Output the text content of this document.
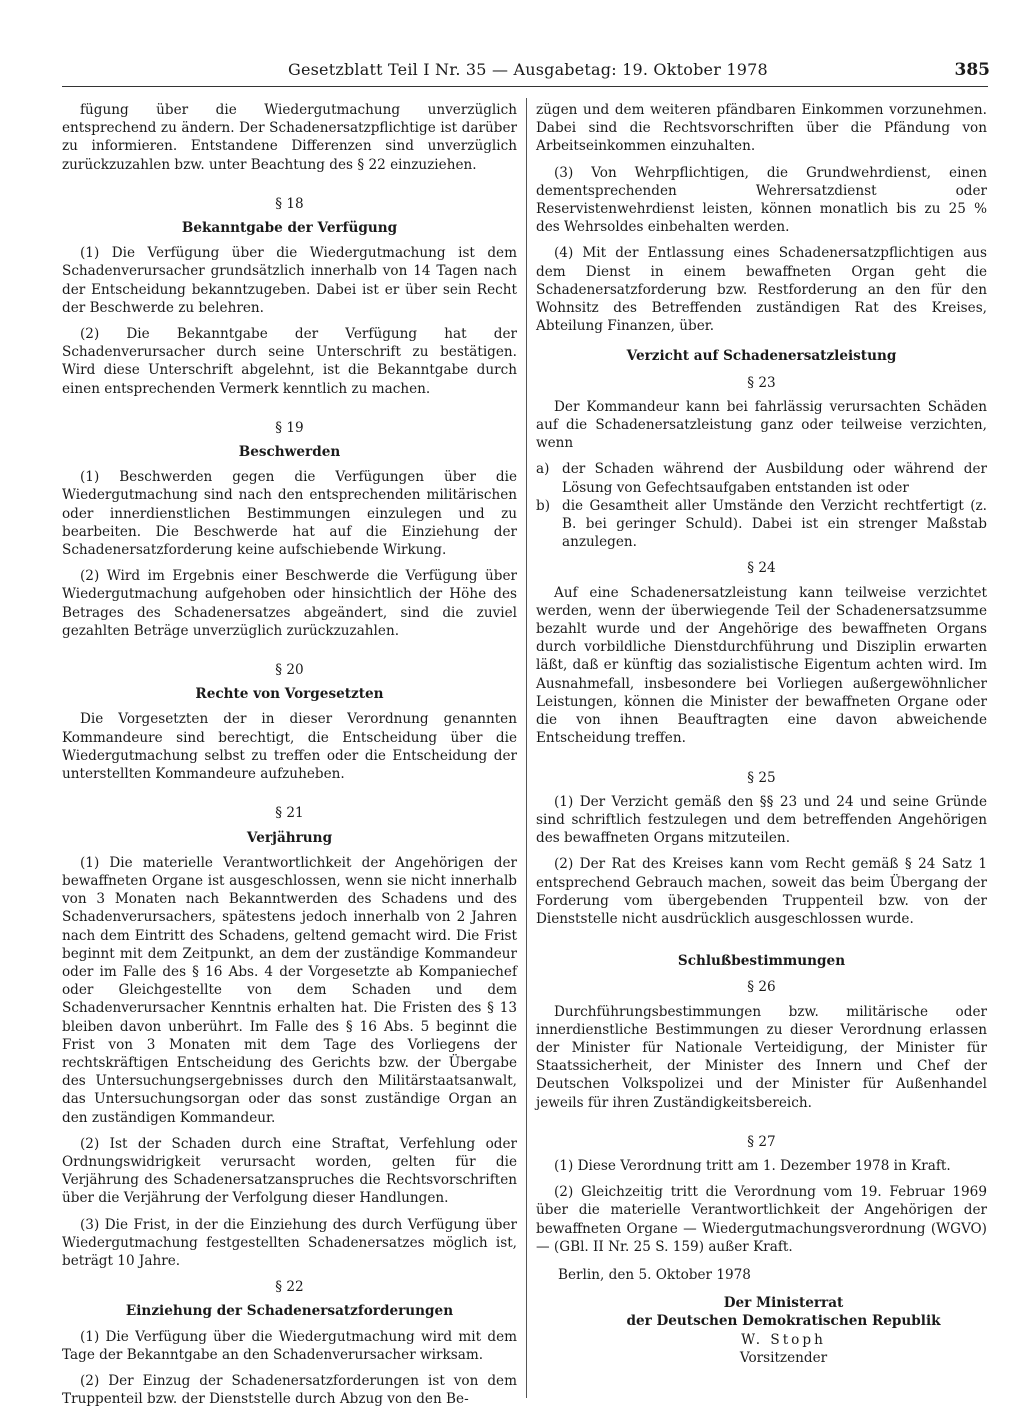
Gesetzblatt Teil I Nr. 35 — Ausgabetag: 19. Oktober 1978	385

fügung über die Wiedergutmachung unverzüglich entsprechend zu ändern. Der Schadenersatzpflichtige ist darüber zu informieren. Entstandene Differenzen sind unverzüglich zurückzuzahlen bzw. unter Beachtung des § 22 einzuziehen.

§ 18
Bekanntgabe der Verfügung

(1) Die Verfügung über die Wiedergutmachung ist dem Schadenverursacher grundsätzlich innerhalb von 14 Tagen nach der Entscheidung bekanntzugeben. Dabei ist er über sein Recht der Beschwerde zu belehren.

(2) Die Bekanntgabe der Verfügung hat der Schadenverursacher durch seine Unterschrift zu bestätigen. Wird diese Unterschrift abgelehnt, ist die Bekanntgabe durch einen entsprechenden Vermerk kenntlich zu machen.

§ 19
Beschwerden

(1) Beschwerden gegen die Verfügungen über die Wiedergutmachung sind nach den entsprechenden militärischen oder innerdienstlichen Bestimmungen einzulegen und zu bearbeiten. Die Beschwerde hat auf die Einziehung der Schadenersatzforderung keine aufschiebende Wirkung.

(2) Wird im Ergebnis einer Beschwerde die Verfügung über Wiedergutmachung aufgehoben oder hinsichtlich der Höhe des Betrages des Schadenersatzes abgeändert, sind die zuviel gezahlten Beträge unverzüglich zurückzuzahlen.

§ 20
Rechte von Vorgesetzten

Die Vorgesetzten der in dieser Verordnung genannten Kommandeure sind berechtigt, die Entscheidung über die Wiedergutmachung selbst zu treffen oder die Entscheidung der unterstellten Kommandeure aufzuheben.

§ 21
Verjährung

(1) Die materielle Verantwortlichkeit der Angehörigen der bewaffneten Organe ist ausgeschlossen, wenn sie nicht innerhalb von 3 Monaten nach Bekanntwerden des Schadens und des Schadenverursachers, spätestens jedoch innerhalb von 2 Jahren nach dem Eintritt des Schadens, geltend gemacht wird. Die Frist beginnt mit dem Zeitpunkt, an dem der zuständige Kommandeur oder im Falle des § 16 Abs. 4 der Vorgesetzte ab Kompaniechef oder Gleichgestellte von dem Schaden und dem Schadenverursacher Kenntnis erhalten hat. Die Fristen des § 13 bleiben davon unberührt. Im Falle des § 16 Abs. 5 beginnt die Frist von 3 Monaten mit dem Tage des Vorliegens der rechtskräftigen Entscheidung des Gerichts bzw. der Übergabe des Untersuchungsergebnisses durch den Militärstaatsanwalt, das Untersuchungsorgan oder das sonst zuständige Organ an den zuständigen Kommandeur.

(2) Ist der Schaden durch eine Straftat, Verfehlung oder Ordnungswidrigkeit verursacht worden, gelten für die Verjährung des Schadenersatzanspruches die Rechtsvorschriften über die Verjährung der Verfolgung dieser Handlungen.

(3) Die Frist, in der die Einziehung des durch Verfügung über Wiedergutmachung festgestellten Schadenersatzes möglich ist, beträgt 10 Jahre.

§ 22
Einziehung der Schadenersatzforderungen

(1) Die Verfügung über die Wiedergutmachung wird mit dem Tage der Bekanntgabe an den Schadenverursacher wirksam.

(2) Der Einzug der Schadenersatzforderungen ist von dem Truppenteil bzw. der Dienststelle durch Abzug von den Be-

zügen und dem weiteren pfändbaren Einkommen vorzunehmen. Dabei sind die Rechtsvorschriften über die Pfändung von Arbeitseinkommen einzuhalten.

(3) Von Wehrpflichtigen, die Grundwehrdienst, einen dementsprechenden Wehrersatzdienst oder Reservistenwehrdienst leisten, können monatlich bis zu 25 % des Wehrsoldes einbehalten werden.

(4) Mit der Entlassung eines Schadenersatzpflichtigen aus dem Dienst in einem bewaffneten Organ geht die Schadenersatzforderung bzw. Restforderung an den für den Wohnsitz des Betreffenden zuständigen Rat des Kreises, Abteilung Finanzen, über.

Verzicht auf Schadenersatzleistung
§ 23

Der Kommandeur kann bei fahrlässig verursachten Schäden auf die Schadenersatzleistung ganz oder teilweise verzichten, wenn

a) der Schaden während der Ausbildung oder während der Lösung von Gefechtsaufgaben entstanden ist oder
b) die Gesamtheit aller Umstände den Verzicht rechtfertigt (z. B. bei geringer Schuld). Dabei ist ein strenger Maßstab anzulegen.
§ 24

Auf eine Schadenersatzleistung kann teilweise verzichtet werden, wenn der überwiegende Teil der Schadenersatzsumme bezahlt wurde und der Angehörige des bewaffneten Organs durch vorbildliche Dienstdurchführung und Disziplin erwarten läßt, daß er künftig das sozialistische Eigentum achten wird. Im Ausnahmefall, insbesondere bei Vorliegen außergewöhnlicher Leistungen, können die Minister der bewaffneten Organe oder die von ihnen Beauftragten eine davon abweichende Entscheidung treffen.

§ 25

(1) Der Verzicht gemäß den §§ 23 und 24 und seine Gründe sind schriftlich festzulegen und dem betreffenden Angehörigen des bewaffneten Organs mitzuteilen.

(2) Der Rat des Kreises kann vom Recht gemäß § 24 Satz 1 entsprechend Gebrauch machen, soweit das beim Übergang der Forderung vom übergebenden Truppenteil bzw. von der Dienststelle nicht ausdrücklich ausgeschlossen wurde.

Schlußbestimmungen
§ 26

Durchführungsbestimmungen bzw. militärische oder innerdienstliche Bestimmungen zu dieser Verordnung erlassen der Minister für Nationale Verteidigung, der Minister für Staatssicherheit, der Minister des Innern und Chef der Deutschen Volkspolizei und der Minister für Außenhandel jeweils für ihren Zuständigkeitsbereich.

§ 27

(1) Diese Verordnung tritt am 1. Dezember 1978 in Kraft.

(2) Gleichzeitig tritt die Verordnung vom 19. Februar 1969 über die materielle Verantwortlichkeit der Angehörigen der bewaffneten Organe — Wiedergutmachungsverordnung (WGVO) — (GBl. II Nr. 25 S. 159) außer Kraft.

Berlin, den 5. Oktober 1978
Der Ministerrat
der Deutschen Demokratischen Republik
W. Stoph
Vorsitzender
